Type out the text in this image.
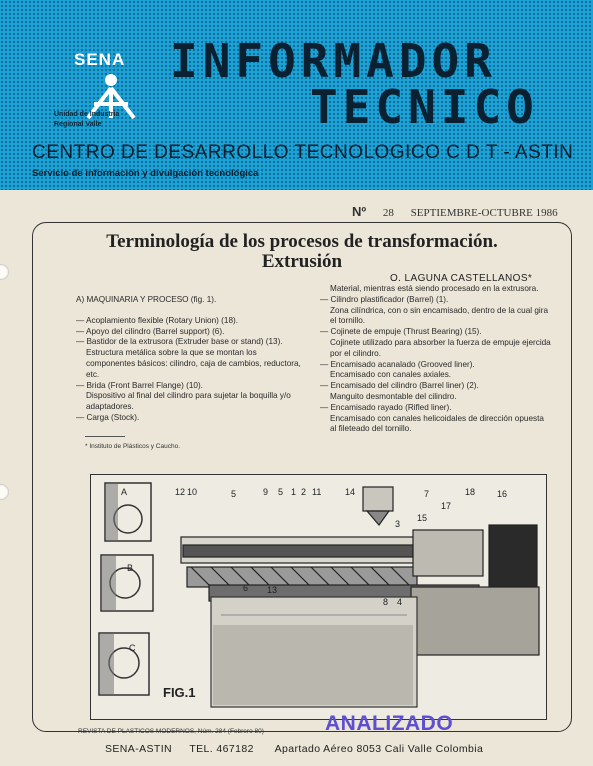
SENA
Unidad de Industria
Regional Valle
INFORMADOR
TECNICO
CENTRO DE DESARROLLO TECNOLOGICO C D T - ASTIN
Servicio de información y divulgación tecnológica
Nº 28 SEPTIEMBRE-OCTUBRE 1986
Terminología de los procesos de transformación.
Extrusión
O. LAGUNA CASTELLANOS*

A) MAQUINARIA Y PROCESO (fig. 1).

— Acoplamiento flexible (Rotary Union) (18).

— Apoyo del cilindro (Barrel support) (6).

— Bastidor de la extrusora (Extruder base or stand) (13).

Estructura metálica sobre la que se montan los componentes básicos: cilindro, caja de cambios, reductora, etc.

— Brida (Front Barrel Flange) (10).

Dispositivo al final del cilindro para sujetar la boquilla y/o adaptadores.

— Carga (Stock).

Material, mientras está siendo procesado en la extrusora.

— Cilindro plastificador (Barrel) (1).

Zona cilíndrica, con o sin encamisado, dentro de la cual gira el tornillo.

— Cojinete de empuje (Thrust Bearing) (15).

Cojinete utilizado para absorber la fuerza de empuje ejercida por el cilindro.

— Encamisado acanalado (Grooved liner).

Encamisado con canales axiales.

— Encamisado del cilindro (Barrel liner) (2).

Manguito desmontable del cilindro.

— Encamisado rayado (Rifled liner).

Encamisado con canales helicoidales de dirección opuesta al fileteado del tornillo.

* Instituto de Plásticos y Caucho.
A
B
C
12 10	5	9 5 1 2 11	14	7	18 16
17
15
3
6 13
8 4
FIG.1
REVISTA DE PLASTICOS MODERNOS, Núm. 284 (Febrero 80)	ANALIZADO
SENA-ASTIN TEL. 467182 Apartado Aéreo 8053 Cali Valle Colombia
